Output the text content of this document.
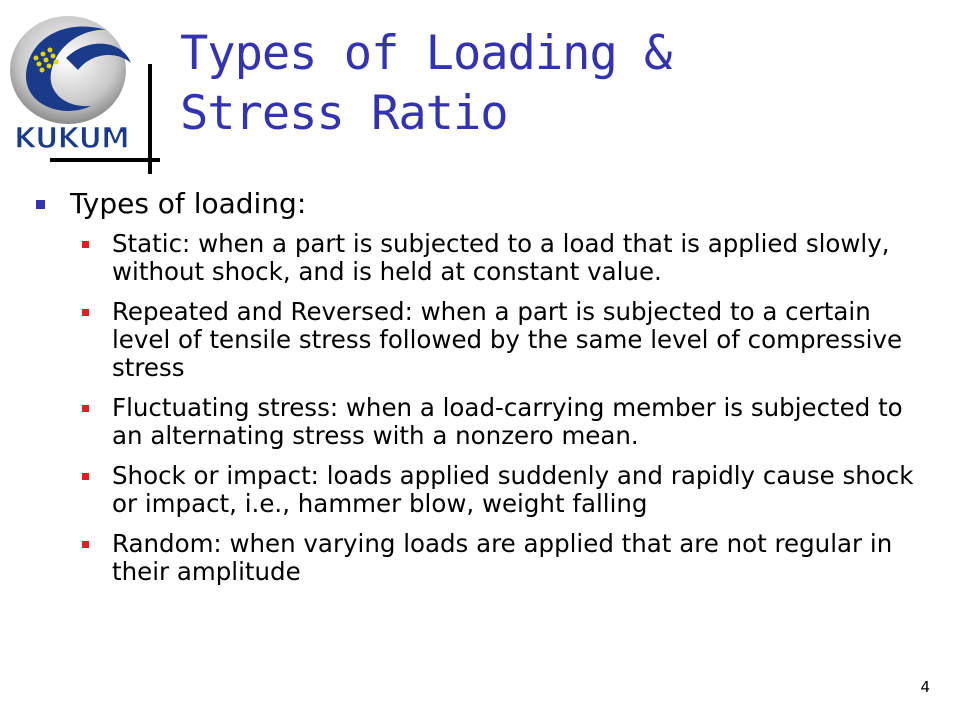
KUKUM
Types of Loading &
Stress Ratio
Types of loading:
Static: when a part is subjected to a load that is applied slowly, without shock, and is held at constant value.
Repeated and Reversed: when a part is subjected to a certain level of tensile stress followed by the same level of compressive stress
Fluctuating stress: when a load-carrying member is subjected to an alternating stress with a nonzero mean.
Shock or impact: loads applied suddenly and rapidly cause shock or impact, i.e., hammer blow, weight falling
Random: when varying loads are applied that are not regular in their amplitude
4
